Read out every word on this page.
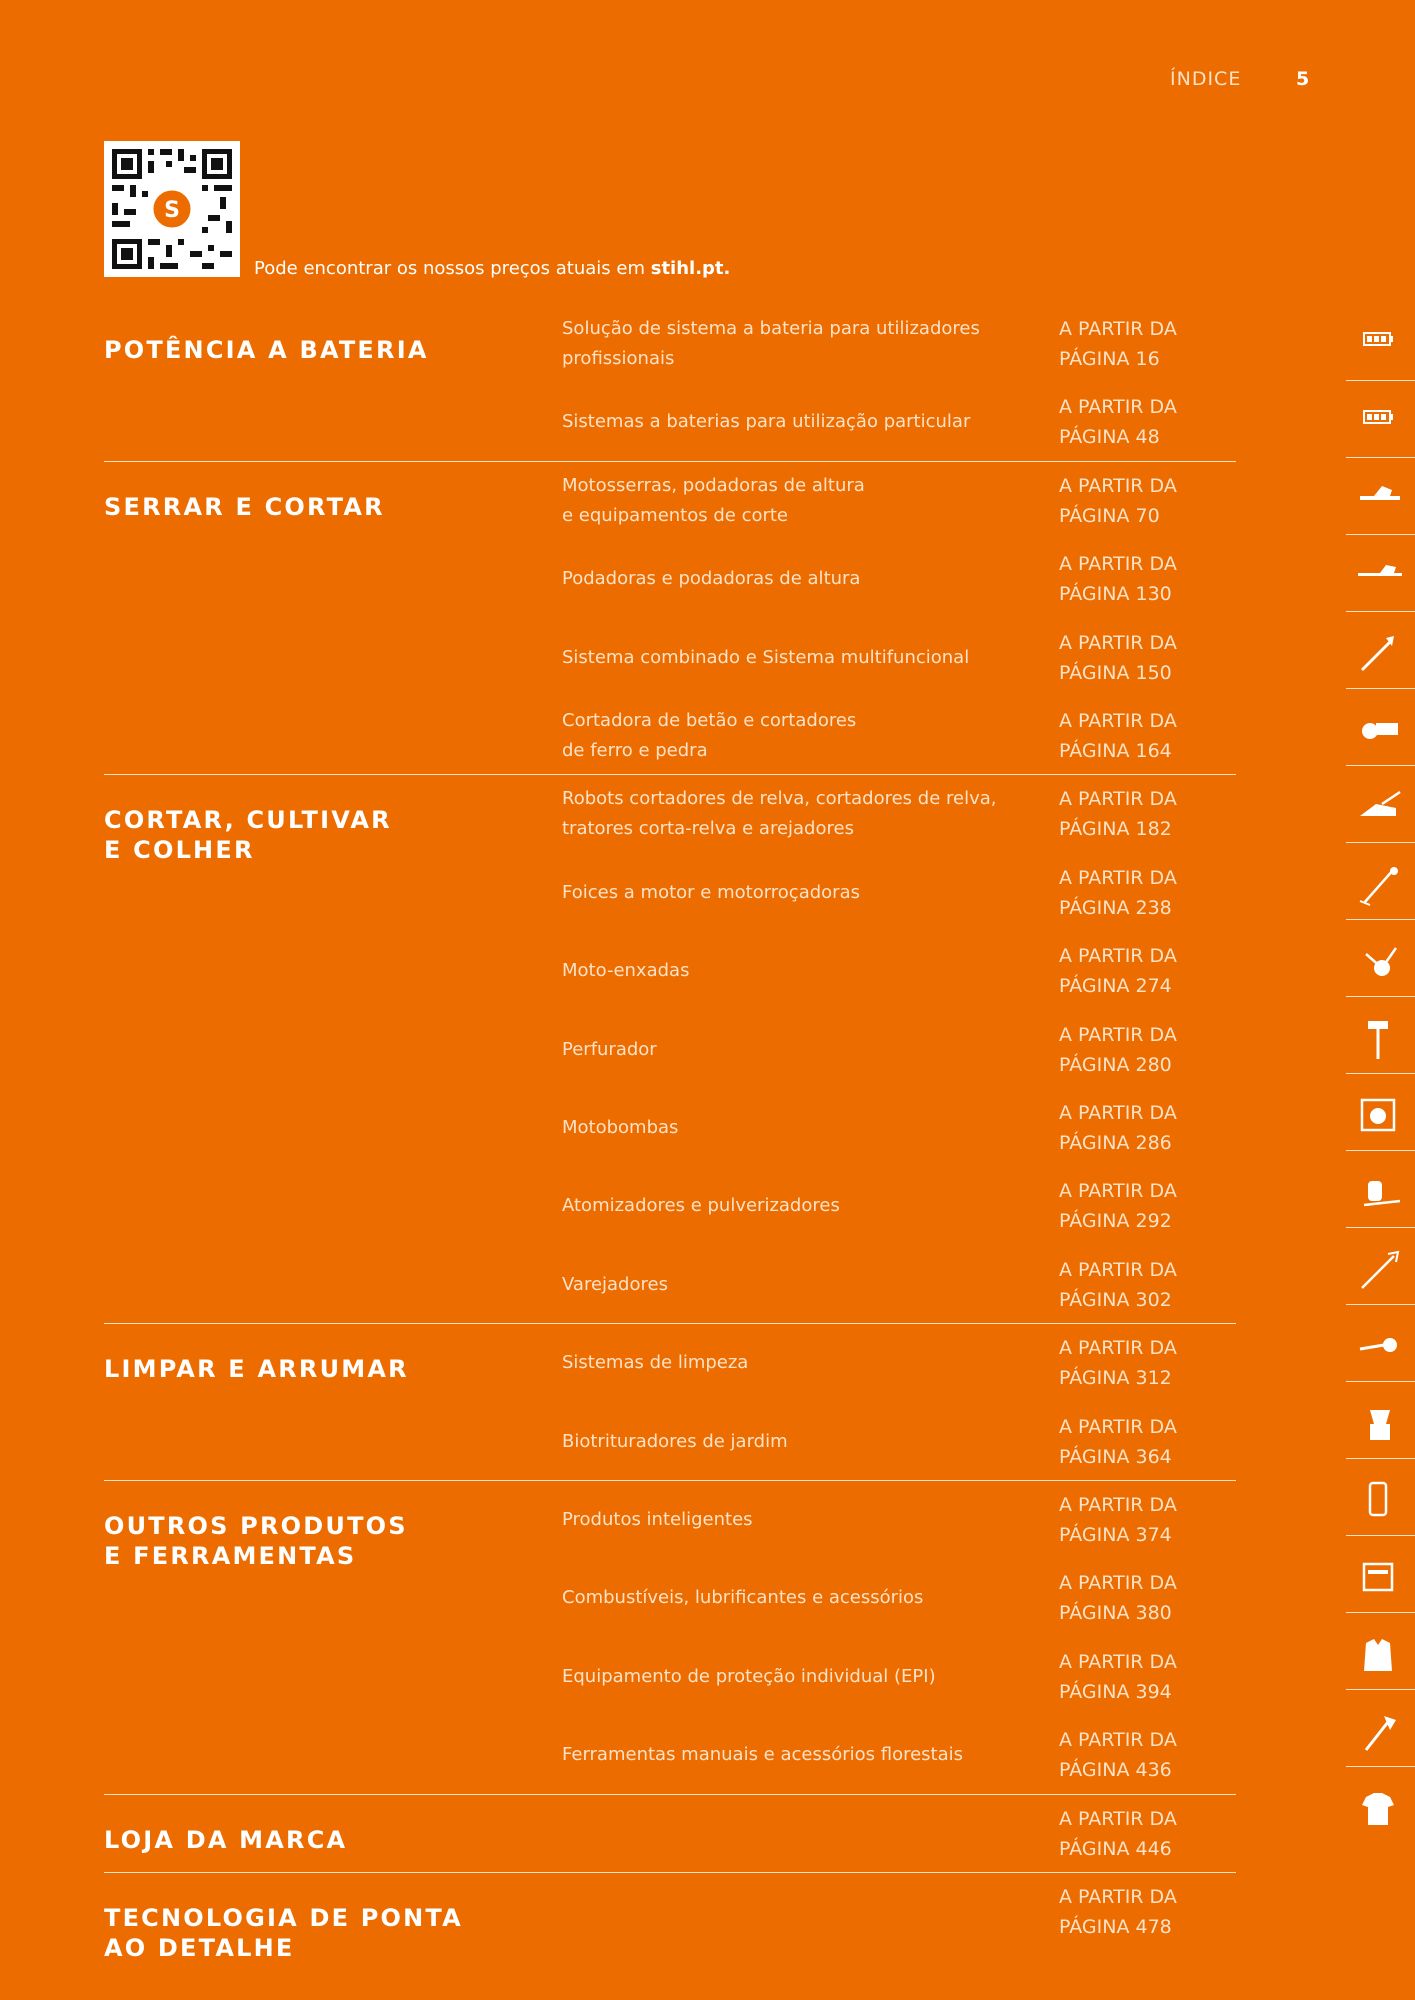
ÍNDICE	5
S
Pode encontrar os nossos preços atuais em stihl.pt.
POTÊNCIA A BATERIA
Solução de sistema a bateria para utilizadores
profissionais
A PARTIR DA
PÁGINA 16
Sistemas a baterias para utilização particular
A PARTIR DA
PÁGINA 48
SERRAR E CORTAR
Motosserras, podadoras de altura
e equipamentos de corte
A PARTIR DA
PÁGINA 70
Podadoras e podadoras de altura
A PARTIR DA
PÁGINA 130
Sistema combinado e Sistema multifuncional
A PARTIR DA
PÁGINA 150
Cortadora de betão e cortadores
de ferro e pedra
A PARTIR DA
PÁGINA 164
CORTAR, CULTIVAR
E COLHER
Robots cortadores de relva, cortadores de relva,
tratores corta-relva e arejadores
A PARTIR DA
PÁGINA 182
Foices a motor e motorroçadoras
A PARTIR DA
PÁGINA 238
Moto-enxadas
A PARTIR DA
PÁGINA 274
Perfurador
A PARTIR DA
PÁGINA 280
Motobombas
A PARTIR DA
PÁGINA 286
Atomizadores e pulverizadores
A PARTIR DA
PÁGINA 292
Varejadores
A PARTIR DA
PÁGINA 302
LIMPAR E ARRUMAR	Sistemas de limpeza
A PARTIR DA
PÁGINA 312
Biotrituradores de jardim
A PARTIR DA
PÁGINA 364
OUTROS PRODUTOS
E FERRAMENTAS
Produtos inteligentes
A PARTIR DA
PÁGINA 374
Combustíveis, lubrificantes e acessórios
A PARTIR DA
PÁGINA 380
Equipamento de proteção individual (EPI)
A PARTIR DA
PÁGINA 394
Ferramentas manuais e acessórios florestais
A PARTIR DA
PÁGINA 436
LOJA DA MARCA
A PARTIR DA
PÁGINA 446
TECNOLOGIA DE PONTA
AO DETALHE
A PARTIR DA
PÁGINA 478
